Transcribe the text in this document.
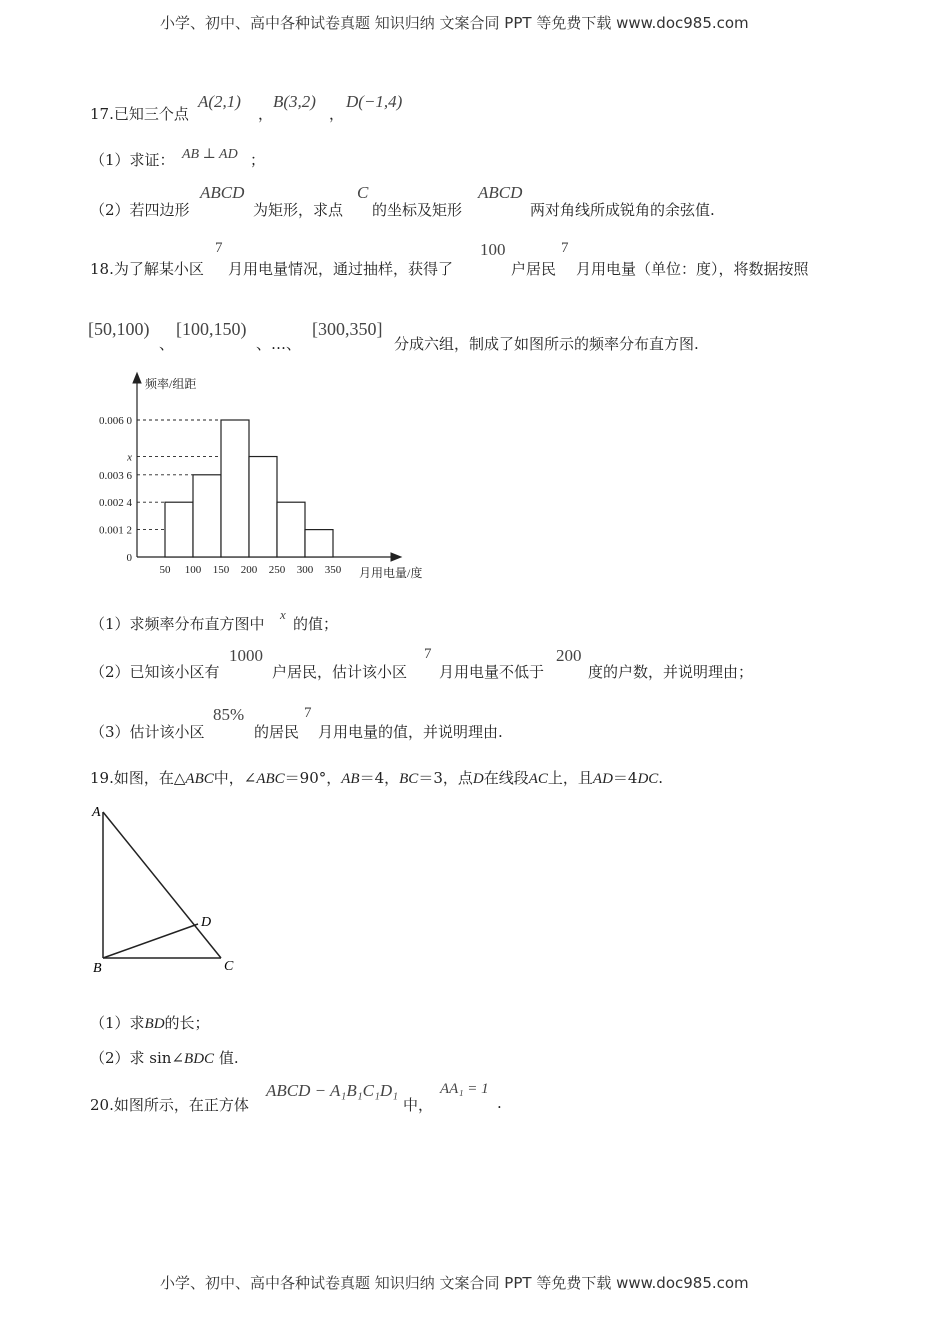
小学、初中、高中各种试卷真题 知识归纳 文案合同 PPT 等免费下载 www.doc985.com
17.已知三个点
A(2,1)
，
B(3,2)
，
D(−1,4)
（1）求证： AB ⊥ AD ；
（2）若四边形
ABCD
为矩形，求点
C
的坐标及矩形
ABCD
两对角线所成锐角的余弦值.
18.为了解某小区
7
月用电量情况，通过抽样，获得了
100
户居民
7
月用电量（单位：度），将数据按照
[50,100)
、
[100,150)
、…、
[300,350]
分成六组，制成了如图所示的频率分布直方图.
频率/组距
月用电量/度
0
0.001 2
0.002 4
0.003 6
x
0.006 0
50 100 150 200 250 300 350
（1）求频率分布直方图中
x
的值；
（2）已知该小区有
1000
户居民，估计该小区
7
月用电量不低于
200
度的户数，并说明理由；
（3）估计该小区
85%
的居民
7
月用电量的值，并说明理由.
19.如图，在△ABC中，∠ABC＝90°，AB＝4，BC＝3，点D在线段AC上，且AD＝4DC.
A
B	C
D
（1）求BD的长；
（2）求 sin∠BDC 值.
20.如图所示，在正方体
ABCD − A₁B₁C₁D₁
中，
AA₁ = 1
.
小学、初中、高中各种试卷真题 知识归纳 文案合同 PPT 等免费下载 www.doc985.com
